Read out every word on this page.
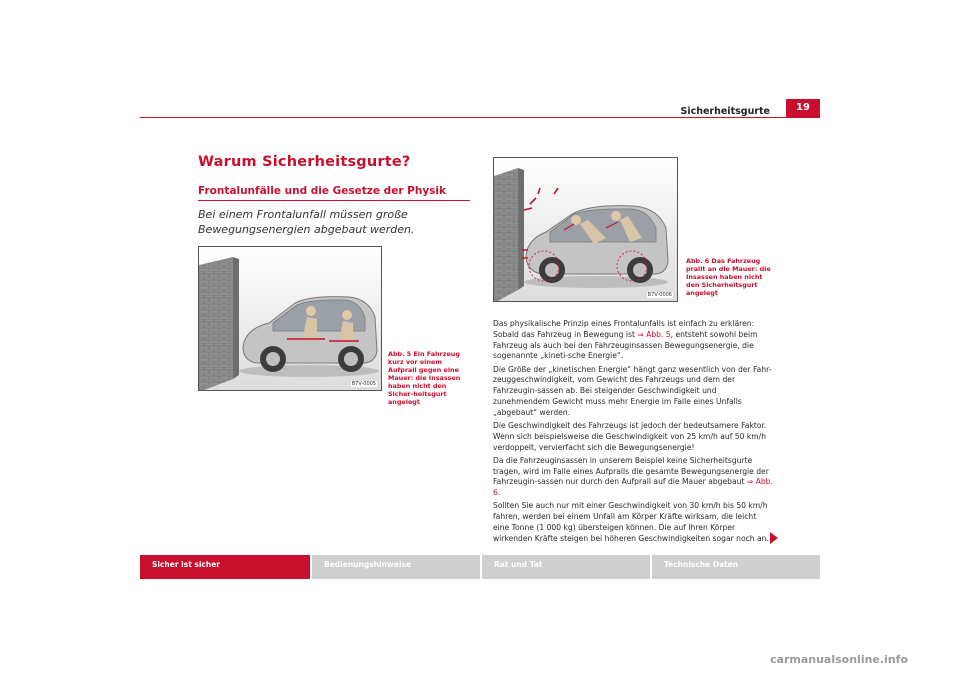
Sicherheitsgurte	19
Warum Sicherheitsgurte?
Frontalunfälle und die Gesetze der Physik
Bei einem Frontalunfall müssen große Bewegungsenergien abgebaut werden.
B7V-0005
Abb. 5 Ein Fahrzeug kurz vor einem Aufprall gegen eine Mauer: die Insassen haben nicht den Sicher-heitsgurt angelegt
B7V-0006
Abb. 6 Das Fahrzeug prallt an die Mauer: die Insassen haben nicht den Sicherheitsgurt angelegt

Das physikalische Prinzip eines Frontalunfalls ist einfach zu erklären: Sobald das Fahrzeug in Bewegung ist ⇒ Abb. 5, entsteht sowohl beim Fahrzeug als auch bei den Fahrzeuginsassen Bewegungsenergie, die sogenannte „kineti-sche Energie“.

Die Größe der „kinetischen Energie“ hängt ganz wesentlich von der Fahr-zeuggeschwindigkeit, vom Gewicht des Fahrzeugs und dem der Fahrzeugin-sassen ab. Bei steigender Geschwindigkeit und zunehmendem Gewicht muss mehr Energie im Falle eines Unfalls „abgebaut“ werden.

Die Geschwindigkeit des Fahrzeugs ist jedoch der bedeutsamere Faktor. Wenn sich beispielsweise die Geschwindigkeit von 25 km/h auf 50 km/h verdoppelt, vervierfacht sich die Bewegungsenergie!

Da die Fahrzeuginsassen in unserem Beispiel keine Sicherheitsgurte tragen, wird im Falle eines Aufpralls die gesamte Bewegungsenergie der Fahrzeugin-sassen nur durch den Aufprall auf die Mauer abgebaut ⇒ Abb. 6.

Sollten Sie auch nur mit einer Geschwindigkeit von 30 km/h bis 50 km/h fahren, werden bei einem Unfall am Körper Kräfte wirksam, die leicht eine Tonne (1 000 kg) übersteigen können. Die auf Ihren Körper wirkenden Kräfte steigen bei höheren Geschwindigkeiten sogar noch an.

Sicher ist sicher	Bedienungshinweise	Rat und Tat	Technische Daten
carmanualsonline.info
